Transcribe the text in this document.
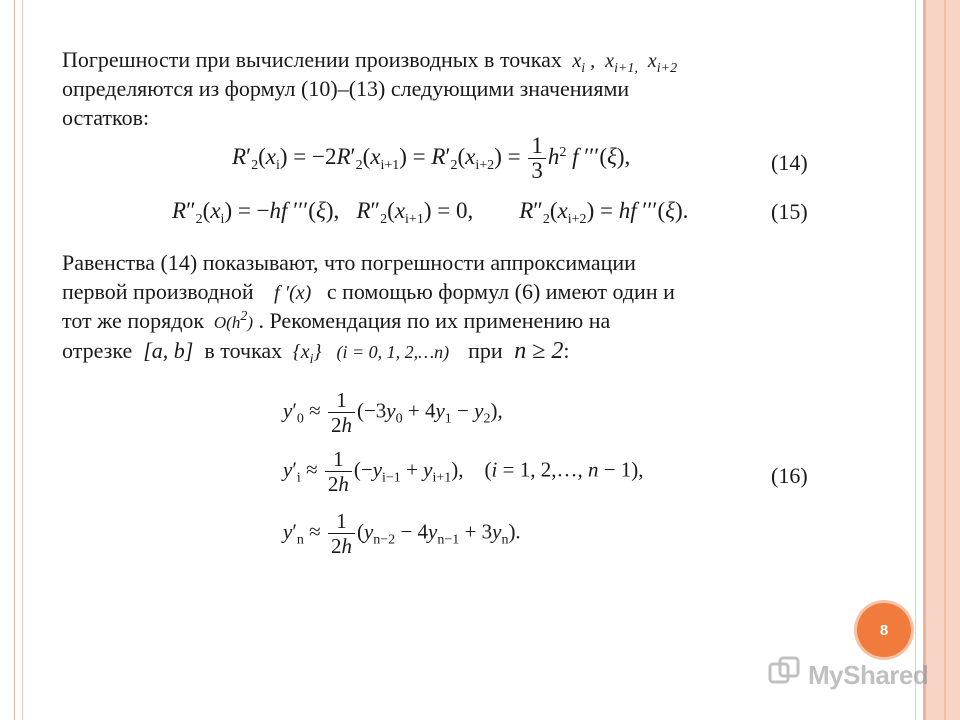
Погрешности при вычислении производных в точках  $x_i$ ,  $x_{i+1,}$  $x_{i+2}$
определяются из формул (10)–(13) следующими значениями
остатков:
$R'_2(x_i) = -2R'_2(x_{i+1}) = R'_2(x_{i+2}) = \frac{1}{3} h^2$ f ′′′(ξ),	(14)
$R''_2(x_i) = -hf$ ′′′(ξ),   $R''_2(x_{i+1}) = 0$,        $R''_2(x_{i+2})$ = hf ′′′(ξ).	(15)
Равенства (14) показывают, что погрешности аппроксимации
первой производной f ′(x)   с помощью формул (6) имеют один и
тот же порядок $O(h^2)$ . Рекомендация по их применению на
отрезке  [a, b]  в точках  $\{x_i\} (i = 0$, 1, 2,…n)    при n ≥ 2:
$y'_0 \approx \frac{1}{2h} (-3y_0 + 4y_1 - y_2)$,
$y'_i \approx \frac{1}{2h} (-y_{i-1} + y_{i+1})$,    (i = 1, 2,…, n − 1),	(16)
$y'_n \approx \frac{1}{2h} (y_{n-2} - 4y_{n-1} + 3y_n)$.
8
MyShared
